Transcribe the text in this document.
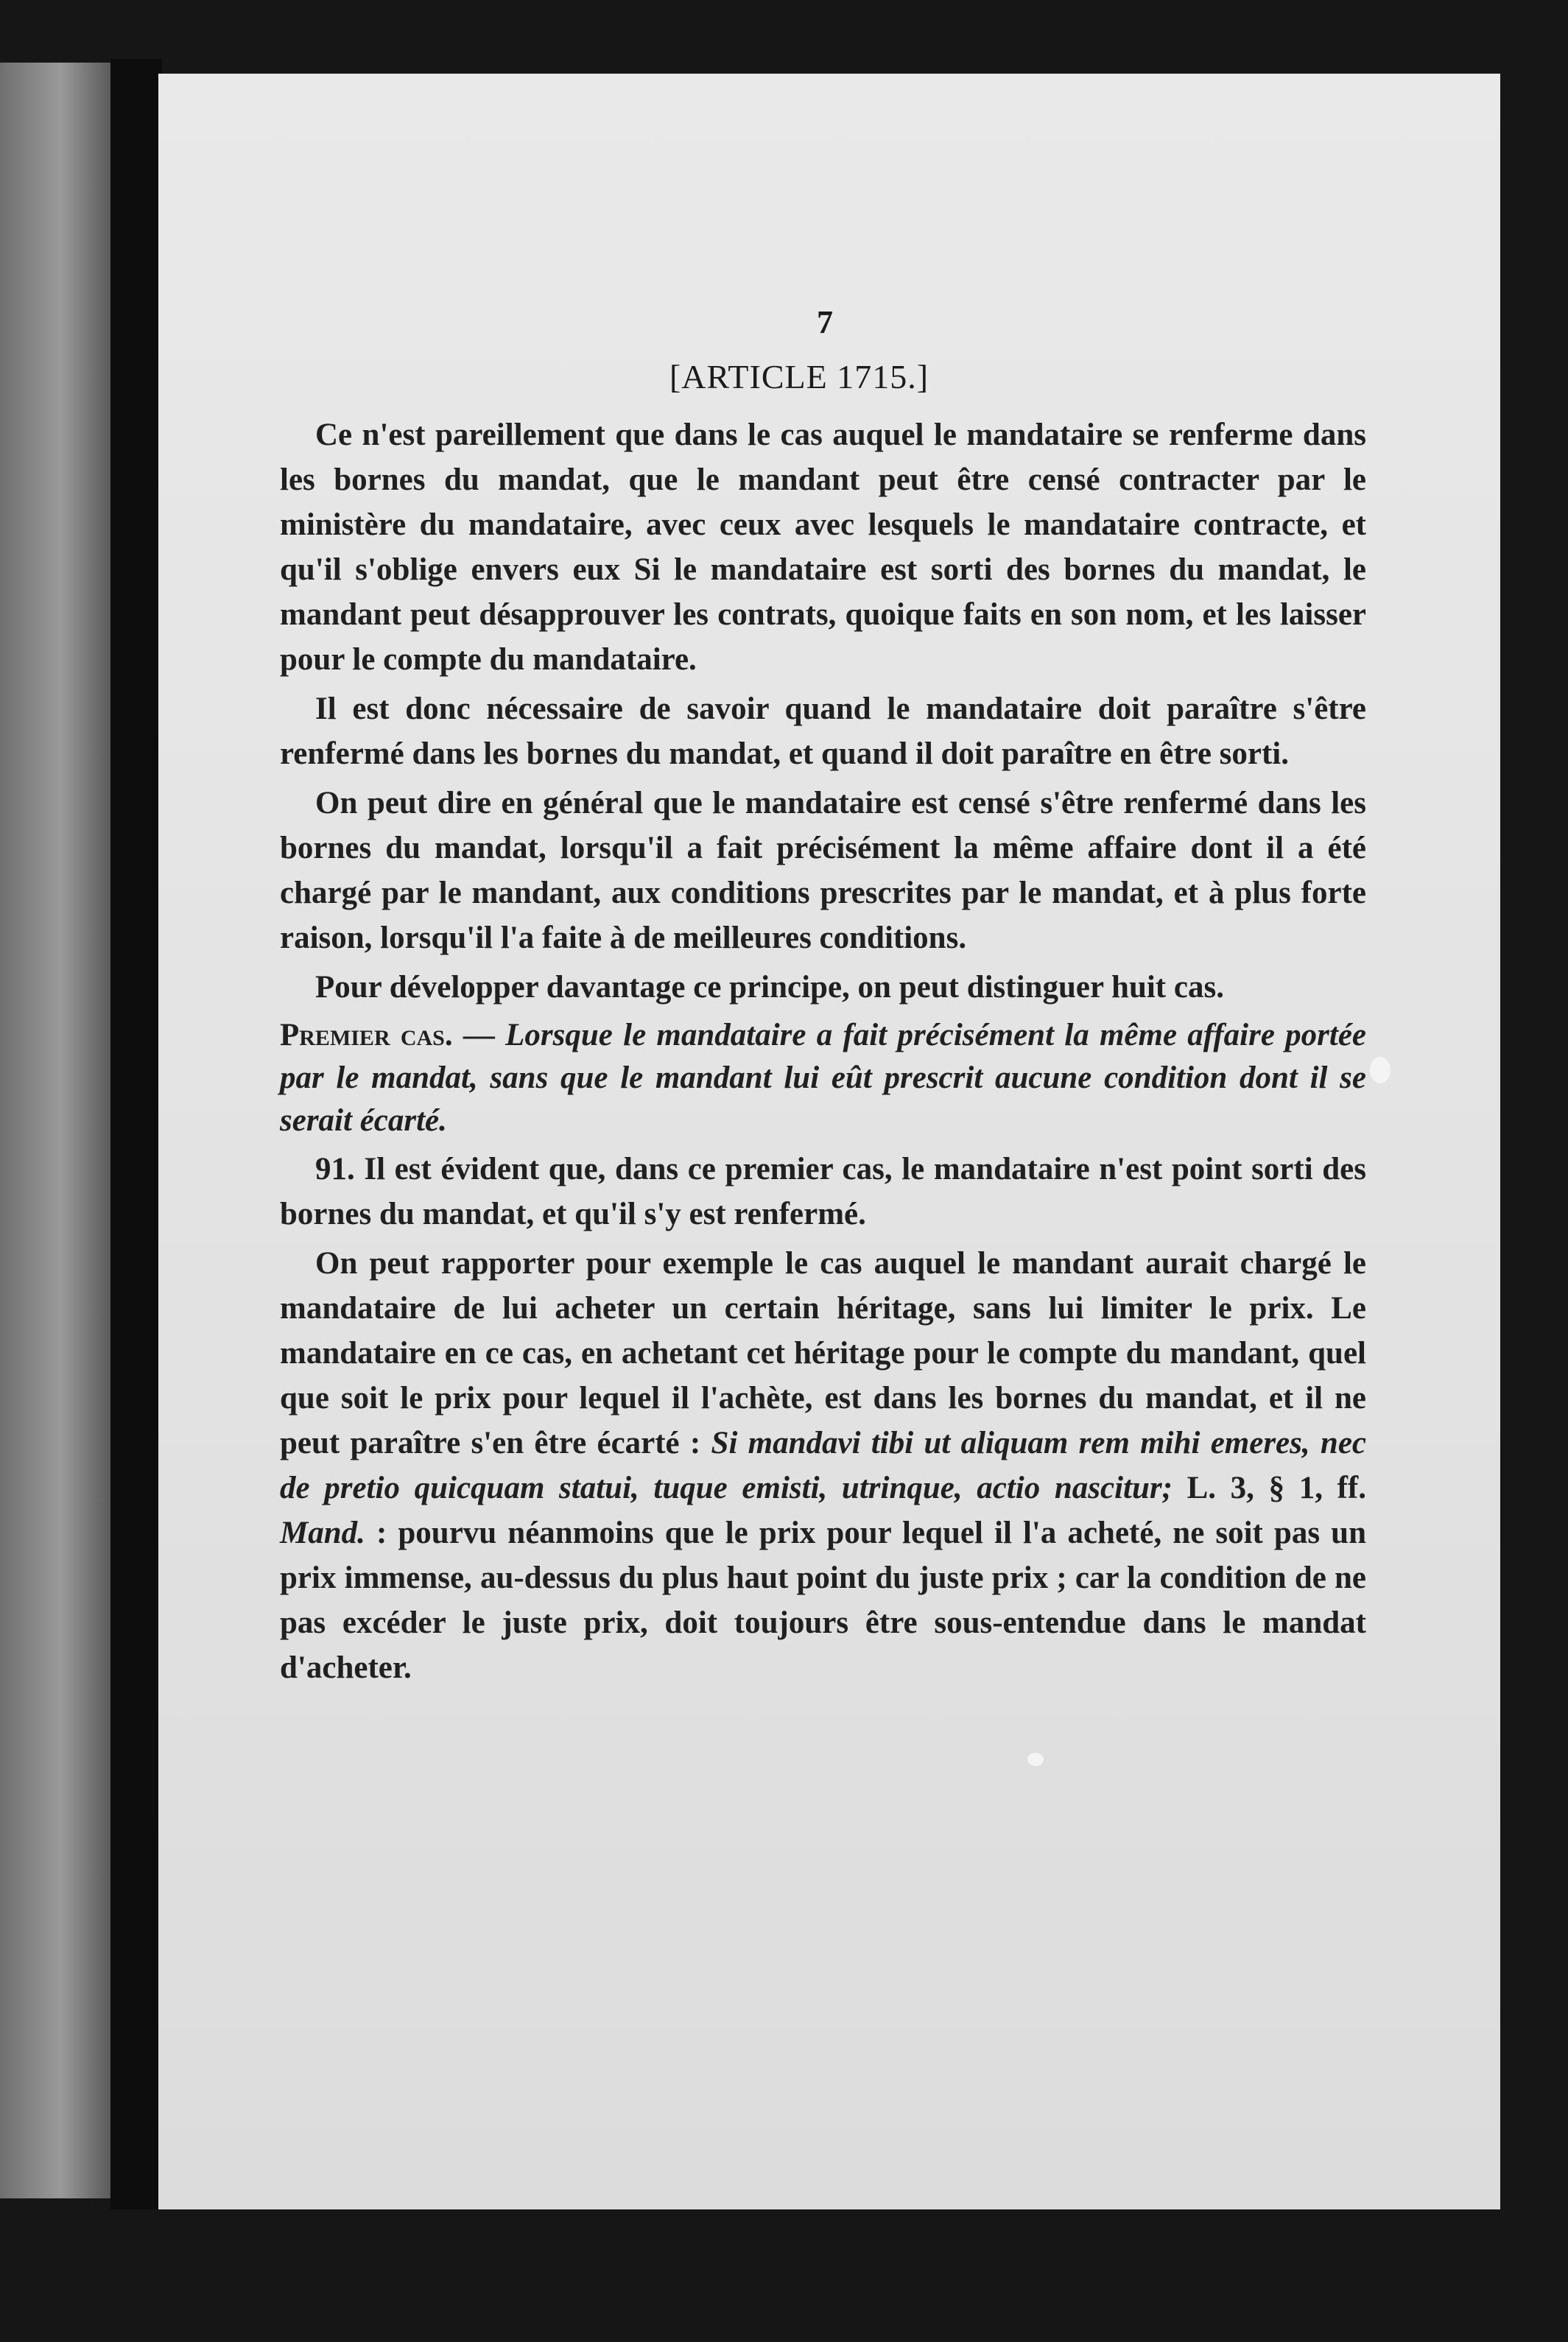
7
[ARTICLE 1715.]

Ce n'est pareillement que dans le cas auquel le mandataire se renferme dans les bornes du mandat, que le mandant peut être censé contracter par le ministère du mandataire, avec ceux avec lesquels le mandataire contracte, et qu'il s'oblige envers eux Si le mandataire est sorti des bornes du mandat, le mandant peut désapprouver les contrats, quoique faits en son nom, et les laisser pour le compte du mandataire.

Il est donc nécessaire de savoir quand le mandataire doit paraître s'être renfermé dans les bornes du mandat, et quand il doit paraître en être sorti.

On peut dire en général que le mandataire est censé s'être renfermé dans les bornes du mandat, lorsqu'il a fait précisément la même affaire dont il a été chargé par le mandant, aux conditions prescrites par le mandat, et à plus forte raison, lorsqu'il l'a faite à de meilleures conditions.

Pour développer davantage ce principe, on peut distinguer huit cas.

Premier cas. — Lorsque le mandataire a fait précisément la même affaire portée par le mandat, sans que le mandant lui eût prescrit aucune condition dont il se serait écarté.

91. Il est évident que, dans ce premier cas, le mandataire n'est point sorti des bornes du mandat, et qu'il s'y est renfermé.

On peut rapporter pour exemple le cas auquel le mandant aurait chargé le mandataire de lui acheter un certain héritage, sans lui limiter le prix. Le mandataire en ce cas, en achetant cet héritage pour le compte du mandant, quel que soit le prix pour lequel il l'achète, est dans les bornes du mandat, et il ne peut paraître s'en être écarté : Si mandavi tibi ut aliquam rem mihi emeres, nec de pretio quicquam statui, tuque emisti, utrinque, actio nascitur; L. 3, § 1, ff. Mand. : pourvu néanmoins que le prix pour lequel il l'a acheté, ne soit pas un prix immense, au-dessus du plus haut point du juste prix ; car la condition de ne pas excéder le juste prix, doit toujours être sous-entendue dans le mandat d'acheter.
